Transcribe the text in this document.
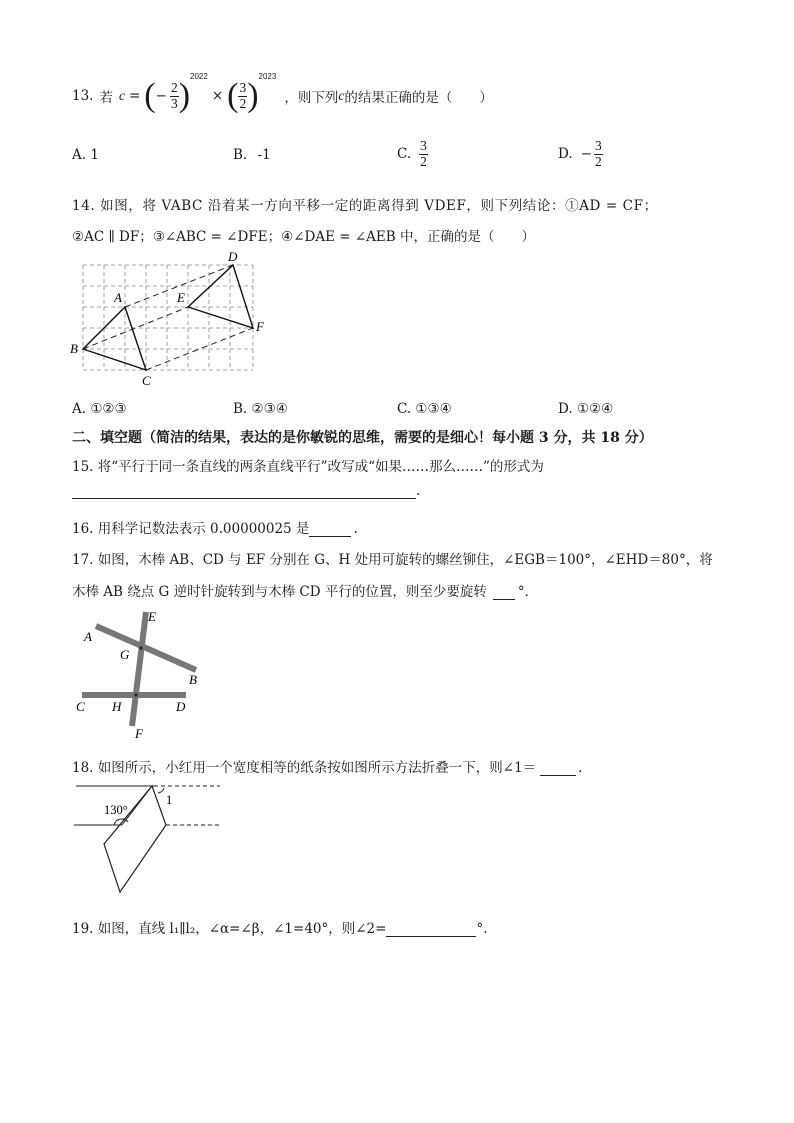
13. 若 c = ( − $\frac{2}{3}$ )
2022
× ( $\frac{3}{2}$ )
2023
，则下列 c 的结果正确的是（　　）
A. 1	B. -1	C. $\frac{3}{2}$	D. − $\frac{3}{2}$
14. 如图，将 VABC 沿着某一方向平移一定的距离得到 VDEF，则下列结论：①AD = CF；
②AC ∥ DF；③∠ABC = ∠DFE；④∠DAE = ∠AEB 中，正确的是（　　）
A
B
C
D
E
F
A. ①②③	B. ②③④	C. ①③④	D. ①②④
二、填空题（简洁的结果，表达的是你敏锐的思维，需要的是细心！每小题 3 分，共 18 分）
15. 将“平行于同一条直线的两条直线平行”改写成“如果……那么……”的形式为
.
16. 用科学记数法表示 0.00000025 是	.
17. 如图，木棒 AB、CD 与 EF 分别在 G、H 处用可旋转的螺丝铆住，∠EGB＝100°，∠EHD＝80°，将
木棒 AB 绕点 G 逆时针旋转到与木棒 CD 平行的位置，则至少要旋转 °．
A
B
C	D
E
F
G
H
18. 如图所示，小红用一个宽度相等的纸条按如图所示方法折叠一下，则∠1＝	.
130°
1
19. 如图，直线 l₁∥l₂，∠α=∠β，∠1=40°，则∠2=	°.
